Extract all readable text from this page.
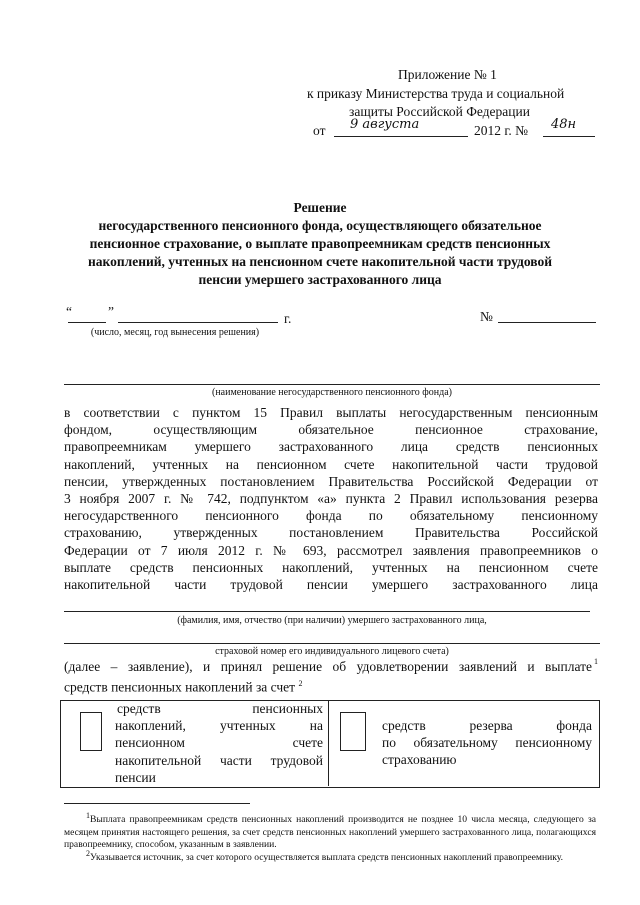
Приложение № 1
к приказу Министерства труда и социальной
защиты Российской Федерации
от 9 августа	2012 г. № 48н
Решение
негосударственного пенсионного фонда, осуществляющего обязательное
пенсионное страхование, о выплате правопреемникам средств пенсионных
накоплений, учтенных на пенсионном счете накопительной части трудовой
пенсии умершего застрахованного лица
“	”	г.
(число, месяц, год вынесения решения)
№
(наименование негосударственного пенсионного фонда)
в соответствии с пунктом 15 Правил выплаты негосударственным пенсионным
фондом, осуществляющим обязательное пенсионное страхование,
правопреемникам умершего застрахованного лица средств пенсионных
накоплений, учтенных на пенсионном счете накопительной части трудовой
пенсии, утвержденных постановлением Правительства Российской Федерации от
3 ноября 2007 г. № 742, подпунктом «а» пункта 2 Правил использования резерва
негосударственного пенсионного фонда по обязательному пенсионному
страхованию, утвержденных постановлением Правительства Российской
Федерации от 7 июля 2012 г. № 693, рассмотрел заявления правопреемников о
выплате средств пенсионных накоплений, учтенных на пенсионном счете
накопительной части трудовой пенсии умершего застрахованного лица
(фамилия, имя, отчество (при наличии) умершего застрахованного лица,
страховой номер его индивидуального лицевого счета)
(далее – заявление), и принял решение об удовлетворении заявлений и выплате
средств пенсионных накоплений за счет $^2$
1
средств пенсионных
накоплений, учтенных на
пенсионном счете
накопительной части трудовой
пенсии
средств резерва фонда
по обязательному пенсионному
страхованию
$^1$Выплата правопреемникам средств пенсионных накоплений производится не позднее 10 числа месяца, следующего за месяцем принятия настоящего решения, за счет средств пенсионных накоплений умершего застрахованного лица, полагающихся правопреемнику, способом, указанным в заявлении.
$^2$Указывается источник, за счет которого осуществляется выплата средств пенсионных накоплений правопреемнику.
